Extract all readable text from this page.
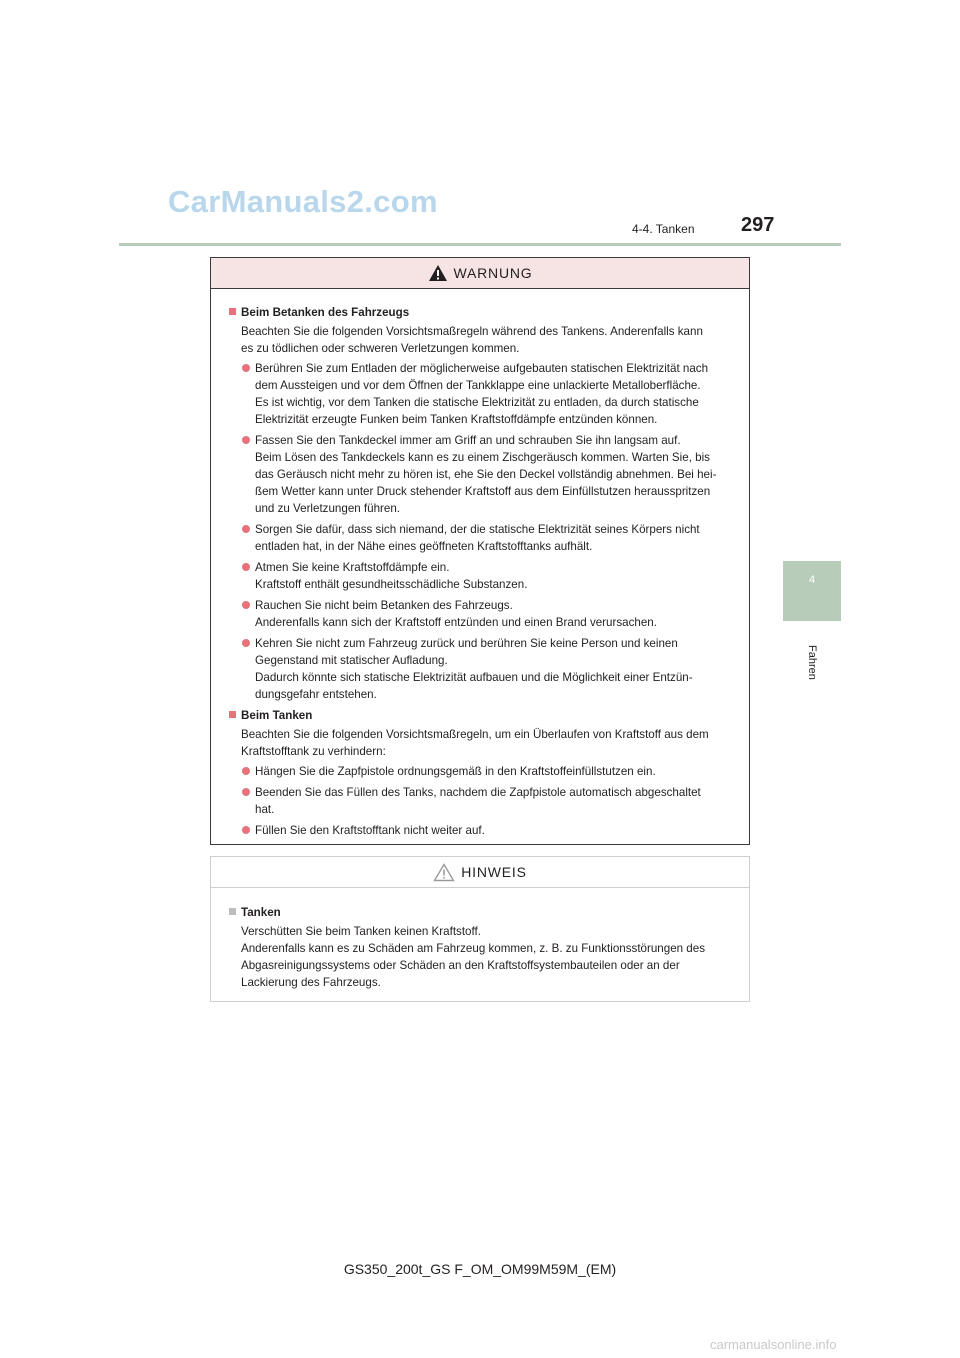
CarManuals2.com
4-4. Tanken 297
4
Fahren
WARNUNG
Beim Betanken des Fahrzeugs
Beachten Sie die folgenden Vorsichtsmaßregeln während des Tankens. Anderenfalls kann
es zu tödlichen oder schweren Verletzungen kommen.
Berühren Sie zum Entladen der möglicherweise aufgebauten statischen Elektrizität nach
dem Aussteigen und vor dem Öffnen der Tankklappe eine unlackierte Metalloberfläche.
Es ist wichtig, vor dem Tanken die statische Elektrizität zu entladen, da durch statische
Elektrizität erzeugte Funken beim Tanken Kraftstoffdämpfe entzünden können.
Fassen Sie den Tankdeckel immer am Griff an und schrauben Sie ihn langsam auf.
Beim Lösen des Tankdeckels kann es zu einem Zischgeräusch kommen. Warten Sie, bis
das Geräusch nicht mehr zu hören ist, ehe Sie den Deckel vollständig abnehmen. Bei hei-
ßem Wetter kann unter Druck stehender Kraftstoff aus dem Einfüllstutzen herausspritzen
und zu Verletzungen führen.
Sorgen Sie dafür, dass sich niemand, der die statische Elektrizität seines Körpers nicht
entladen hat, in der Nähe eines geöffneten Kraftstofftanks aufhält.
Atmen Sie keine Kraftstoffdämpfe ein.
Kraftstoff enthält gesundheitsschädliche Substanzen.
Rauchen Sie nicht beim Betanken des Fahrzeugs.
Anderenfalls kann sich der Kraftstoff entzünden und einen Brand verursachen.
Kehren Sie nicht zum Fahrzeug zurück und berühren Sie keine Person und keinen
Gegenstand mit statischer Aufladung.
Dadurch könnte sich statische Elektrizität aufbauen und die Möglichkeit einer Entzün-
dungsgefahr entstehen.
Beim Tanken
Beachten Sie die folgenden Vorsichtsmaßregeln, um ein Überlaufen von Kraftstoff aus dem
Kraftstofftank zu verhindern:
Hängen Sie die Zapfpistole ordnungsgemäß in den Kraftstoffeinfüllstutzen ein.
Beenden Sie das Füllen des Tanks, nachdem die Zapfpistole automatisch abgeschaltet
hat.
Füllen Sie den Kraftstofftank nicht weiter auf.
HINWEIS
Tanken
Verschütten Sie beim Tanken keinen Kraftstoff.
Anderenfalls kann es zu Schäden am Fahrzeug kommen, z. B. zu Funktionsstörungen des
Abgasreinigungssystems oder Schäden an den Kraftstoffsystembauteilen oder an der
Lackierung des Fahrzeugs.
GS350_200t_GS F_OM_OM99M59M_(EM)
carmanualsonline.info
